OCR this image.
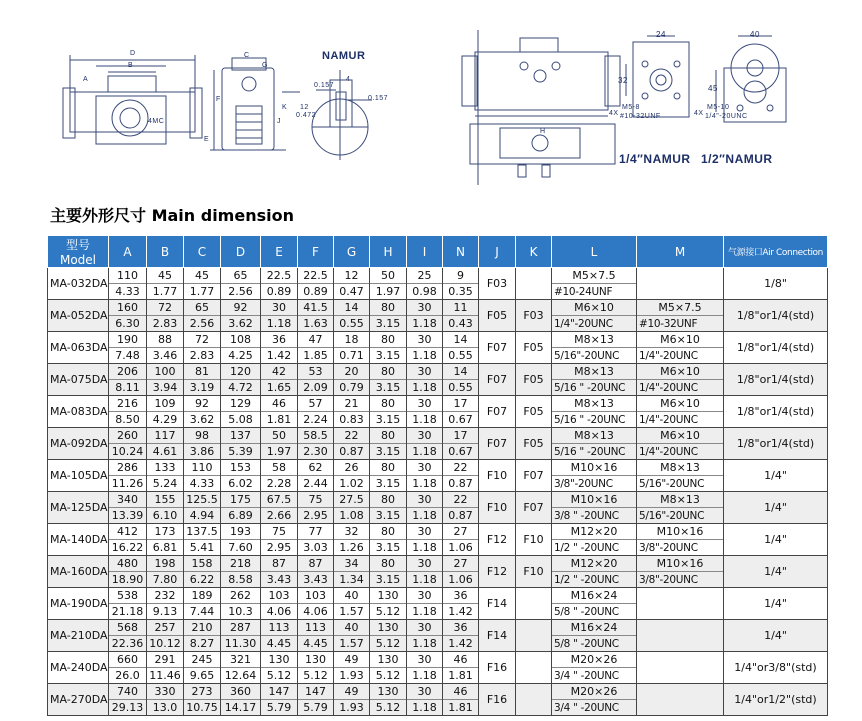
NAMUR
1/4″NAMUR 1/2″NAMUR
24	40
32
45
4X
M5-8
#10-32UNF	4X
M5-10
1/4"-20UNC
0.157
0.157
0.472
12
4
4MC
A
B
C
D
E
F
G
H
J
K
主要外形尺寸 Main dimension
型号Model	A	B	C	D	E	F	G	H	I	N	J	K	L	M	气源接口Air Connection
MA-032DA	110	45	45	65	22.5	22.5	12	50	25	9	F03		M5×7.5		1/8"
	4.33	1.77	1.77	2.56	0.89	0.89	0.47	1.97	0.98	0.35			#10-24UNF		
MA-052DA	160	72	65	92	30	41.5	14	80	30	11	F05	F03	M6×10	M5×7.5	1/8"or1/4(std)
	6.30	2.83	2.56	3.62	1.18	1.63	0.55	3.15	1.18	0.43			1/4"-20UNC	#10-32UNF	
MA-063DA	190	88	72	108	36	47	18	80	30	14	F07	F05	M8×13	M6×10	1/8"or1/4(std)
	7.48	3.46	2.83	4.25	1.42	1.85	0.71	3.15	1.18	0.55			5/16"-20UNC	1/4"-20UNC	
MA-075DA	206	100	81	120	42	53	20	80	30	14	F07	F05	M8×13	M6×10	1/8"or1/4(std)
	8.11	3.94	3.19	4.72	1.65	2.09	0.79	3.15	1.18	0.55			5/16 " -20UNC	1/4"-20UNC	
MA-083DA	216	109	92	129	46	57	21	80	30	17	F07	F05	M8×13	M6×10	1/8"or1/4(std)
	8.50	4.29	3.62	5.08	1.81	2.24	0.83	3.15	1.18	0.67			5/16 " -20UNC	1/4"-20UNC	
MA-092DA	260	117	98	137	50	58.5	22	80	30	17	F07	F05	M8×13	M6×10	1/8"or1/4(std)
	10.24	4.61	3.86	5.39	1.97	2.30	0.87	3.15	1.18	0.67			5/16 " -20UNC	1/4"-20UNC	
MA-105DA	286	133	110	153	58	62	26	80	30	22	F10	F07	M10×16	M8×13	1/4"
	11.26	5.24	4.33	6.02	2.28	2.44	1.02	3.15	1.18	0.87			3/8"-20UNC	5/16"-20UNC	
MA-125DA	340	155	125.5	175	67.5	75	27.5	80	30	22	F10	F07	M10×16	M8×13	1/4"
	13.39	6.10	4.94	6.89	2.66	2.95	1.08	3.15	1.18	0.87			3/8 " -20UNC	5/16"-20UNC	
MA-140DA	412	173	137.5	193	75	77	32	80	30	27	F12	F10	M12×20	M10×16	1/4"
	16.22	6.81	5.41	7.60	2.95	3.03	1.26	3.15	1.18	1.06			1/2 " -20UNC	3/8"-20UNC	
MA-160DA	480	198	158	218	87	87	34	80	30	27	F12	F10	M12×20	M10×16	1/4"
	18.90	7.80	6.22	8.58	3.43	3.43	1.34	3.15	1.18	1.06			1/2 " -20UNC	3/8"-20UNC	
MA-190DA	538	232	189	262	103	103	40	130	30	36	F14		M16×24		1/4"
	21.18	9.13	7.44	10.3	4.06	4.06	1.57	5.12	1.18	1.42			5/8 " -20UNC		
MA-210DA	568	257	210	287	113	113	40	130	30	36	F14		M16×24		1/4"
	22.36	10.12	8.27	11.30	4.45	4.45	1.57	5.12	1.18	1.42			5/8 " -20UNC		
MA-240DA	660	291	245	321	130	130	49	130	30	46	F16		M20×26		1/4"or3/8"(std)
	26.0	11.46	9.65	12.64	5.12	5.12	1.93	5.12	1.18	1.81			3/4 " -20UNC		
MA-270DA	740	330	273	360	147	147	49	130	30	46	F16		M20×26		1/4"or1/2"(std)
	29.13	13.0	10.75	14.17	5.79	5.79	1.93	5.12	1.18	1.81			3/4 " -20UNC		
